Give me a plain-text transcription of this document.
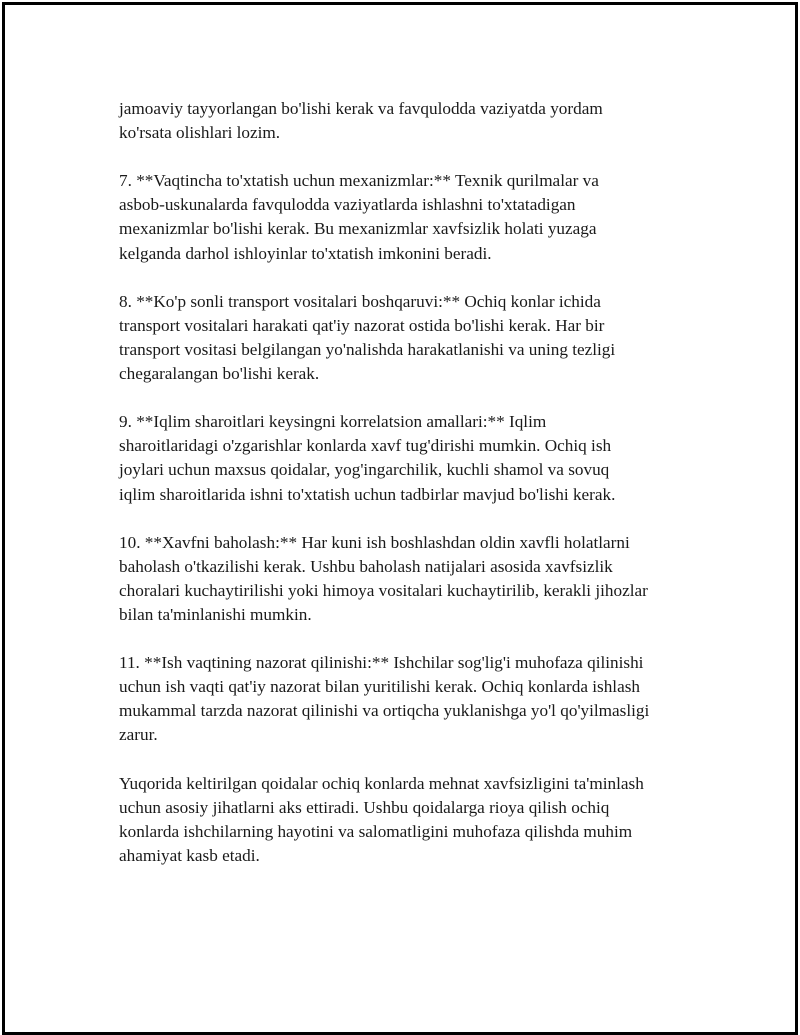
jamoaviy tayyorlangan bo'lishi kerak va favqulodda vaziyatda yordam
ko'rsata olishlari lozim.

7. **Vaqtincha to'xtatish uchun mexanizmlar:** Texnik qurilmalar va
asbob-uskunalarda favqulodda vaziyatlarda ishlashni to'xtatadigan
mexanizmlar bo'lishi kerak. Bu mexanizmlar xavfsizlik holati yuzaga
kelganda darhol ishloyinlar to'xtatish imkonini beradi.

8. **Ko'p sonli transport vositalari boshqaruvi:** Ochiq konlar ichida
transport vositalari harakati qat'iy nazorat ostida bo'lishi kerak. Har bir
transport vositasi belgilangan yo'nalishda harakatlanishi va uning tezligi
chegaralangan bo'lishi kerak.

9. **Iqlim sharoitlari keysingni korrelatsion amallari:** Iqlim
sharoitlaridagi o'zgarishlar konlarda xavf tug'dirishi mumkin. Ochiq ish
joylari uchun maxsus qoidalar, yog'ingarchilik, kuchli shamol va sovuq
iqlim sharoitlarida ishni to'xtatish uchun tadbirlar mavjud bo'lishi kerak.

10. **Xavfni baholash:** Har kuni ish boshlashdan oldin xavfli holatlarni
baholash o'tkazilishi kerak. Ushbu baholash natijalari asosida xavfsizlik
choralari kuchaytirilishi yoki himoya vositalari kuchaytirilib, kerakli jihozlar
bilan ta'minlanishi mumkin.

11. **Ish vaqtining nazorat qilinishi:** Ishchilar sog'lig'i muhofaza qilinishi
uchun ish vaqti qat'iy nazorat bilan yuritilishi kerak. Ochiq konlarda ishlash
mukammal tarzda nazorat qilinishi va ortiqcha yuklanishga yo'l qo'yilmasligi
zarur.

Yuqorida keltirilgan qoidalar ochiq konlarda mehnat xavfsizligini ta'minlash
uchun asosiy jihatlarni aks ettiradi. Ushbu qoidalarga rioya qilish ochiq
konlarda ishchilarning hayotini va salomatligini muhofaza qilishda muhim
ahamiyat kasb etadi.
